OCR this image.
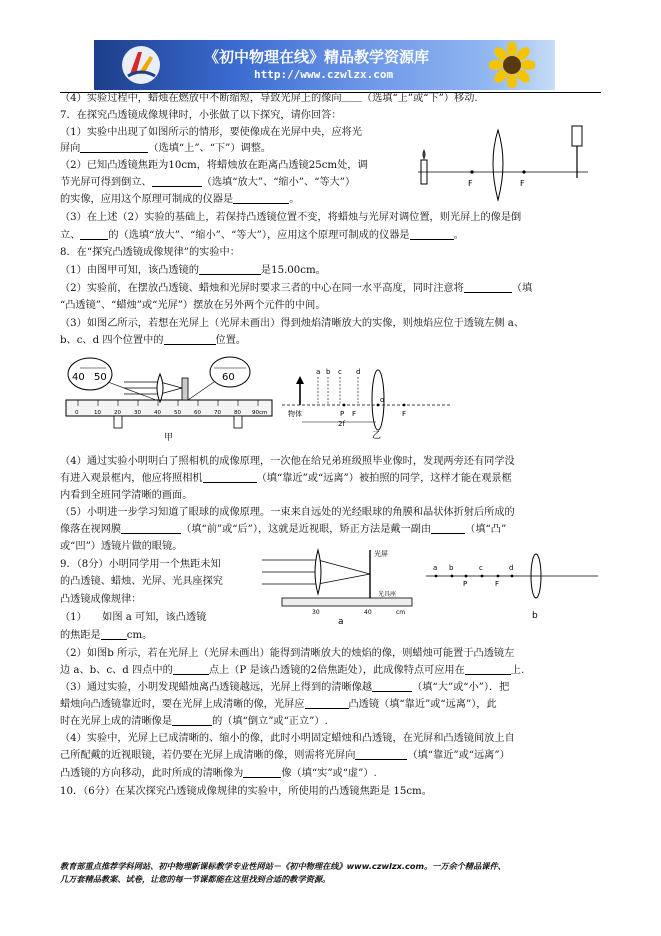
《初中物理在线》精品教学资源库
http://www.czwlzx.com
（4）实验过程中，蜡烛在燃放中不断缩短，导致光屏上的像向＿＿（选填“上”或“下”）移动.
7．在探究凸透镜成像规律时，小张做了以下探究，请你回答：
（1）实验中出现了如图所示的情形，要使像成在光屏中央，应将光
屏向	（选填“上”、“下”）调整。
（2）已知凸透镜焦距为10cm，将蜡烛放在距离凸透镜25cm处，调
节光屏可得到倒立、	（选填“放大”、“缩小”、“等大”）
的实像，应用这个原理可制成的仪器是	。
（3）在上述（2）实验的基础上，若保持凸透镜位置不变，将蜡烛与光屏对调位置，则光屏上的像是倒
立、	的（选填“放大”、“缩小”、“等大”），应用这个原理可制成的仪器是	。
8．在“探究凸透镜成像规律”的实验中：
（1）由图甲可知，该凸透镜的	是15.00cm。
（2）实验前，在摆放凸透镜、蜡烛和光屏时要求三者的中心在同一水平高度，同时注意将	（填
“凸透镜”、“蜡烛”或“光屏”）摆放在另外两个元件的中间。
（3）如图乙所示，若想在光屏上（光屏未画出）得到烛焰清晰放大的实像，则烛焰应位于透镜左侧 a、
b、c、d 四个位置中的	位置。
（4）通过实验小明明白了照相机的成像原理，一次他在给兄弟班级照毕业像时，发现两旁还有同学没
有进入观景框内，他应将照相机	（填“靠近”或“远离”）被拍照的同学，这样才能在观景框
内看到全班同学清晰的画面。
（5）小明进一步学习知道了眼球的成像原理。一束来自远处的光经眼球的角膜和晶状体折射后所成的
像落在视网膜	（填“前”或“后”），这就是近视眼，矫正方法是戴一副由	（填“凸”
或“凹”）透镜片做的眼镜。
9．（8分）小明同学用一个焦距未知
的凸透镜、蜡烛、光屏、光具座探究
凸透镜成像规律：
（1）　　如图 a 可知，该凸透镜
的焦距是	cm。
（2）如图b 所示，若在光屏上（光屏未画出）能得到清晰放大的烛焰的像，则蜡烛可能置于凸透镜左
边 a、b、c、d 四点中的	点上（P 是该凸透镜的2倍焦距处），此成像特点可应用在	上.
（3）通过实验，小明发现蜡烛离凸透镜越远，光屏上得到的清晰像越	（填“大”或“小”）．把
蜡烛向凸透镜靠近时，要在光屏上成清晰的像，光屏应	凸透镜（填“靠近”或“远离”），此
时在光屏上成的清晰像是	的（填“倒立”或“正立”）.
（4）实验中，光屏上已成清晰的、缩小的像，此时小明固定蜡烛和凸透镜，在光屏和凸透镜间放上自
己所配戴的近视眼镜，若仍要在光屏上成清晰的像，则需将光屏向	（填“靠近”或“远离”）
凸透镜的方向移动，此时所成的清晰像为	像（填“实”或“虚”）.
10．（6分）在某次探究凸透镜成像规律的实验中，所使用的凸透镜焦距是 15cm。
F	F
0	10 20 30 40 50 60 70 80 90cm
40 50	60
甲
a b c d
物体	P F
o
F
2f
乙
光屏
光具座
30	40	cm
a
a b
P
c
F
d
b
教育部重点推荐学科网站、初中物理新课标教学专业性网站－《初中物理在线》www.czwlzx.com。一万余个精品课件、
几万套精品教案、试卷，让您的每一节课都能在这里找到合适的教学资源。
